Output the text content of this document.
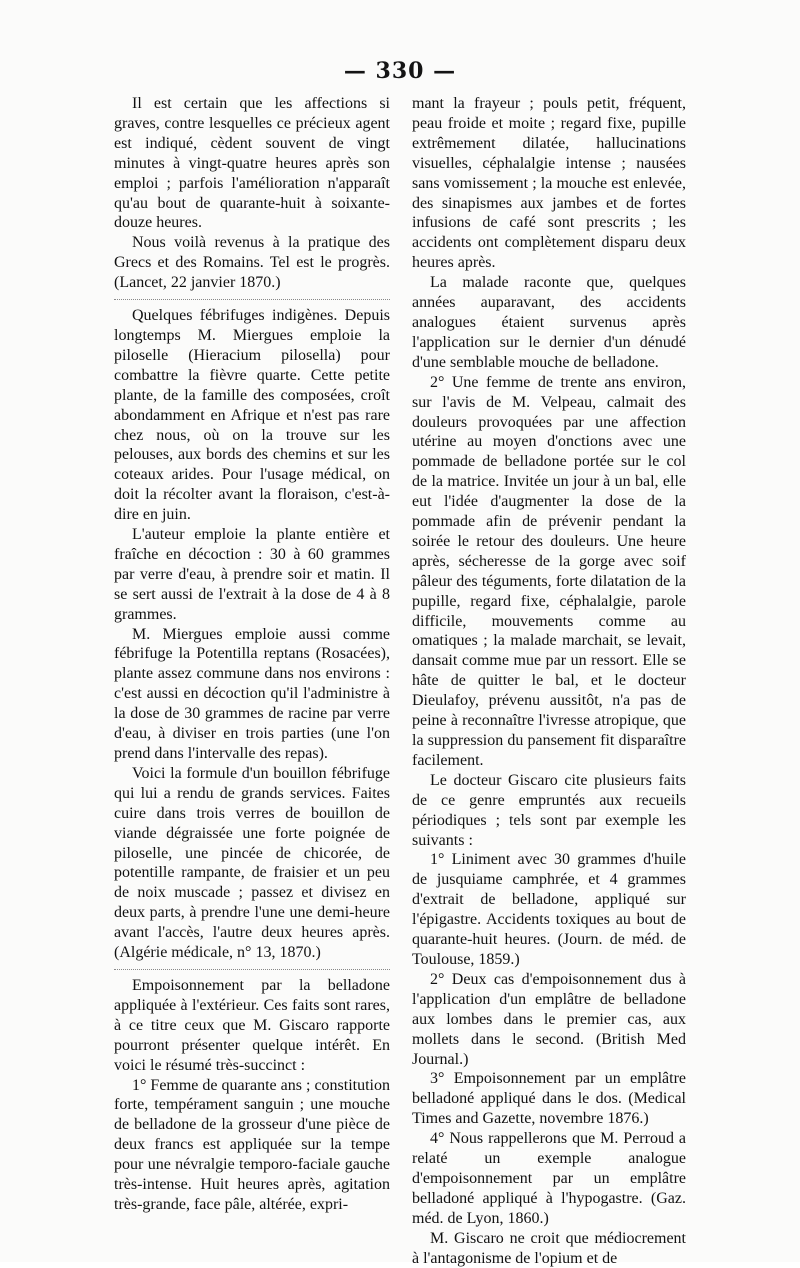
— 330 —

Il est certain que les affections si graves, contre lesquelles ce précieux agent est indiqué, cèdent souvent de vingt minutes à vingt-quatre heures après son emploi ; parfois l'amélioration n'apparaît qu'au bout de quarante-huit à soixante-douze heures.

Nous voilà revenus à la pratique des Grecs et des Romains. Tel est le progrès. (Lancet, 22 janvier 1870.)

Quelques fébrifuges indigènes. Depuis longtemps M. Miergues emploie la piloselle (Hieracium pilosella) pour combattre la fièvre quarte. Cette petite plante, de la famille des composées, croît abondamment en Afrique et n'est pas rare chez nous, où on la trouve sur les pelouses, aux bords des chemins et sur les coteaux arides. Pour l'usage médical, on doit la récolter avant la floraison, c'est-à-dire en juin.

L'auteur emploie la plante entière et fraîche en décoction : 30 à 60 grammes par verre d'eau, à prendre soir et matin. Il se sert aussi de l'extrait à la dose de 4 à 8 grammes.

M. Miergues emploie aussi comme fébrifuge la Potentilla reptans (Rosacées), plante assez commune dans nos environs : c'est aussi en décoction qu'il l'administre à la dose de 30 grammes de racine par verre d'eau, à diviser en trois parties (une l'on prend dans l'intervalle des repas).

Voici la formule d'un bouillon fébrifuge qui lui a rendu de grands services. Faites cuire dans trois verres de bouillon de viande dégraissée une forte poignée de piloselle, une pincée de chicorée, de potentille rampante, de fraisier et un peu de noix muscade ; passez et divisez en deux parts, à prendre l'une une demi-heure avant l'accès, l'autre deux heures après. (Algérie médicale, n° 13, 1870.)

Empoisonnement par la belladone appliquée à l'extérieur. Ces faits sont rares, à ce titre ceux que M. Giscaro rapporte pourront présenter quelque intérêt. En voici le résumé très-succinct :

1° Femme de quarante ans ; constitution forte, tempérament sanguin ; une mouche de belladone de la grosseur d'une pièce de deux francs est appliquée sur la tempe pour une névralgie temporo-faciale gauche très-intense. Huit heures après, agitation très-grande, face pâle, altérée, expri-

mant la frayeur ; pouls petit, fréquent, peau froide et moite ; regard fixe, pupille extrêmement dilatée, hallucinations visuelles, céphalalgie intense ; nausées sans vomissement ; la mouche est enlevée, des sinapismes aux jambes et de fortes infusions de café sont prescrits ; les accidents ont complètement disparu deux heures après.

La malade raconte que, quelques années auparavant, des accidents analogues étaient survenus après l'application sur le dernier d'un dénudé d'une semblable mouche de belladone.

2° Une femme de trente ans environ, sur l'avis de M. Velpeau, calmait des douleurs provoquées par une affection utérine au moyen d'onctions avec une pommade de belladone portée sur le col de la matrice. Invitée un jour à un bal, elle eut l'idée d'augmenter la dose de la pommade afin de prévenir pendant la soirée le retour des douleurs. Une heure après, sécheresse de la gorge avec soif pâleur des téguments, forte dilatation de la pupille, regard fixe, céphalalgie, parole difficile, mouvements comme au omatiques ; la malade marchait, se levait, dansait comme mue par un ressort. Elle se hâte de quitter le bal, et le docteur Dieulafoy, prévenu aussitôt, n'a pas de peine à reconnaître l'ivresse atropique, que la suppression du pansement fit disparaître facilement.

Le docteur Giscaro cite plusieurs faits de ce genre empruntés aux recueils périodiques ; tels sont par exemple les suivants :

1° Liniment avec 30 grammes d'huile de jusquiame camphrée, et 4 grammes d'extrait de belladone, appliqué sur l'épigastre. Accidents toxiques au bout de quarante-huit heures. (Journ. de méd. de Toulouse, 1859.)

2° Deux cas d'empoisonnement dus à l'application d'un emplâtre de belladone aux lombes dans le premier cas, aux mollets dans le second. (British Med Journal.)

3° Empoisonnement par un emplâtre belladoné appliqué dans le dos. (Medical Times and Gazette, novembre 1876.)

4° Nous rappellerons que M. Perroud a relaté un exemple analogue d'empoisonnement par un emplâtre belladoné appliqué à l'hypogastre. (Gaz. méd. de Lyon, 1860.)

M. Giscaro ne croit que médiocrement à l'antagonisme de l'opium et de
